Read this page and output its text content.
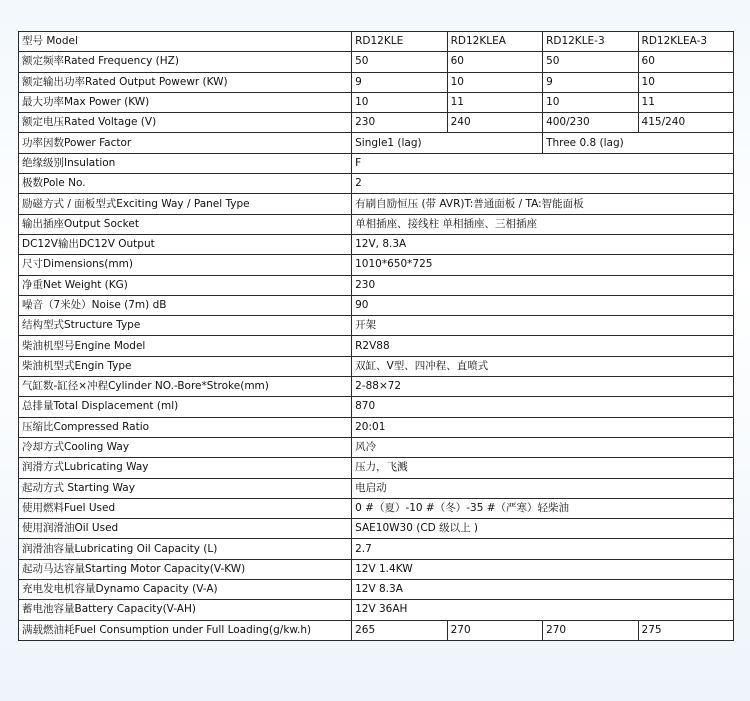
型号 Model	RD12KLE	RD12KLEA	RD12KLE-3	RD12KLEA-3
额定频率Rated Frequency (HZ)	50	60	50	60
额定输出功率Rated Output Powewr (KW)	9	10	9	10
最大功率Max Power (KW)	10	11	10	11
额定电压Rated Voltage (V)	230	240	400/230	415/240
功率因数Power Factor	Single1 (lag)		Three 0.8 (lag)	
绝缘级别Insulation	F			
极数Pole No.	2			
励磁方式 / 面板型式Exciting Way / Panel Type	有刷自励恒压 (带 AVR)T:普通面板 / TA:智能面板			
输出插座Output Socket	单相插座、接线柱 单相插座、三相插座			
DC12V输出DC12V Output	12V, 8.3A			
尺寸Dimensions(mm)	1010*650*725			
净重Net Weight (KG)	230			
噪音（7米处）Noise (7m) dB	90			
结构型式Structure Type	开架			
柴油机型号Engine Model	R2V88			
柴油机型式Engin Type	双缸、V型、四冲程、直喷式			
气缸数-缸径×冲程Cylinder NO.-Bore*Stroke(mm)	2-88×72			
总排量Total Displacement (ml)	870			
压缩比Compressed Ratio	20:01			
冷却方式Cooling Way	风冷			
润滑方式Lubricating Way	压力，飞溅			
起动方式 Starting Way	电启动			
使用燃料Fuel Used	0 #（夏）-10 #（冬）-35 #（严寒）轻柴油			
使用润滑油Oil Used	SAE10W30 (CD 级以上 )			
润滑油容量Lubricating Oil Capacity (L)	2.7			
起动马达容量Starting Motor Capacity(V-KW)	12V 1.4KW			
充电发电机容量Dynamo Capacity (V-A)	12V 8.3A			
蓄电池容量Battery Capacity(V-AH)	12V 36AH			
满载燃油耗Fuel Consumption under Full Loading(g/kw.h)	265	270	270	275
